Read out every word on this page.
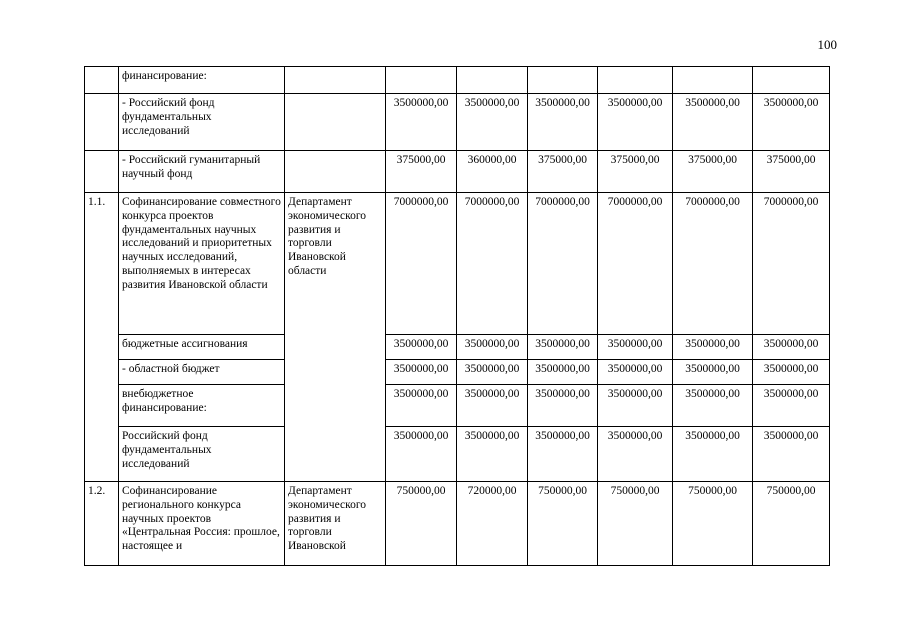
100
	финансирование:							
	- Российский фонд фундаментальных исследований		3500000,00	3500000,00	3500000,00	3500000,00	3500000,00	3500000,00
	- Российский гуманитарный научный фонд		375000,00	360000,00	375000,00	375000,00	375000,00	375000,00
1.1.	Софинансирование совместного конкурса проектов фундаментальных научных исследований и приоритетных научных исследований, выполняемых в интересах развития Ивановской области	Департамент экономического развития и торговли Ивановской области	7000000,00	7000000,00	7000000,00	7000000,00	7000000,00	7000000,00
	бюджетные ассигнования		3500000,00	3500000,00	3500000,00	3500000,00	3500000,00	3500000,00
	- областной бюджет		3500000,00	3500000,00	3500000,00	3500000,00	3500000,00	3500000,00
	внебюджетное финансирование:		3500000,00	3500000,00	3500000,00	3500000,00	3500000,00	3500000,00
	Российский фонд фундаментальных исследований		3500000,00	3500000,00	3500000,00	3500000,00	3500000,00	3500000,00
1.2.	Софинансирование регионального конкурса научных проектов «Центральная Россия: прошлое, настоящее и	Департамент экономического развития и торговли Ивановской	750000,00	720000,00	750000,00	750000,00	750000,00	750000,00
